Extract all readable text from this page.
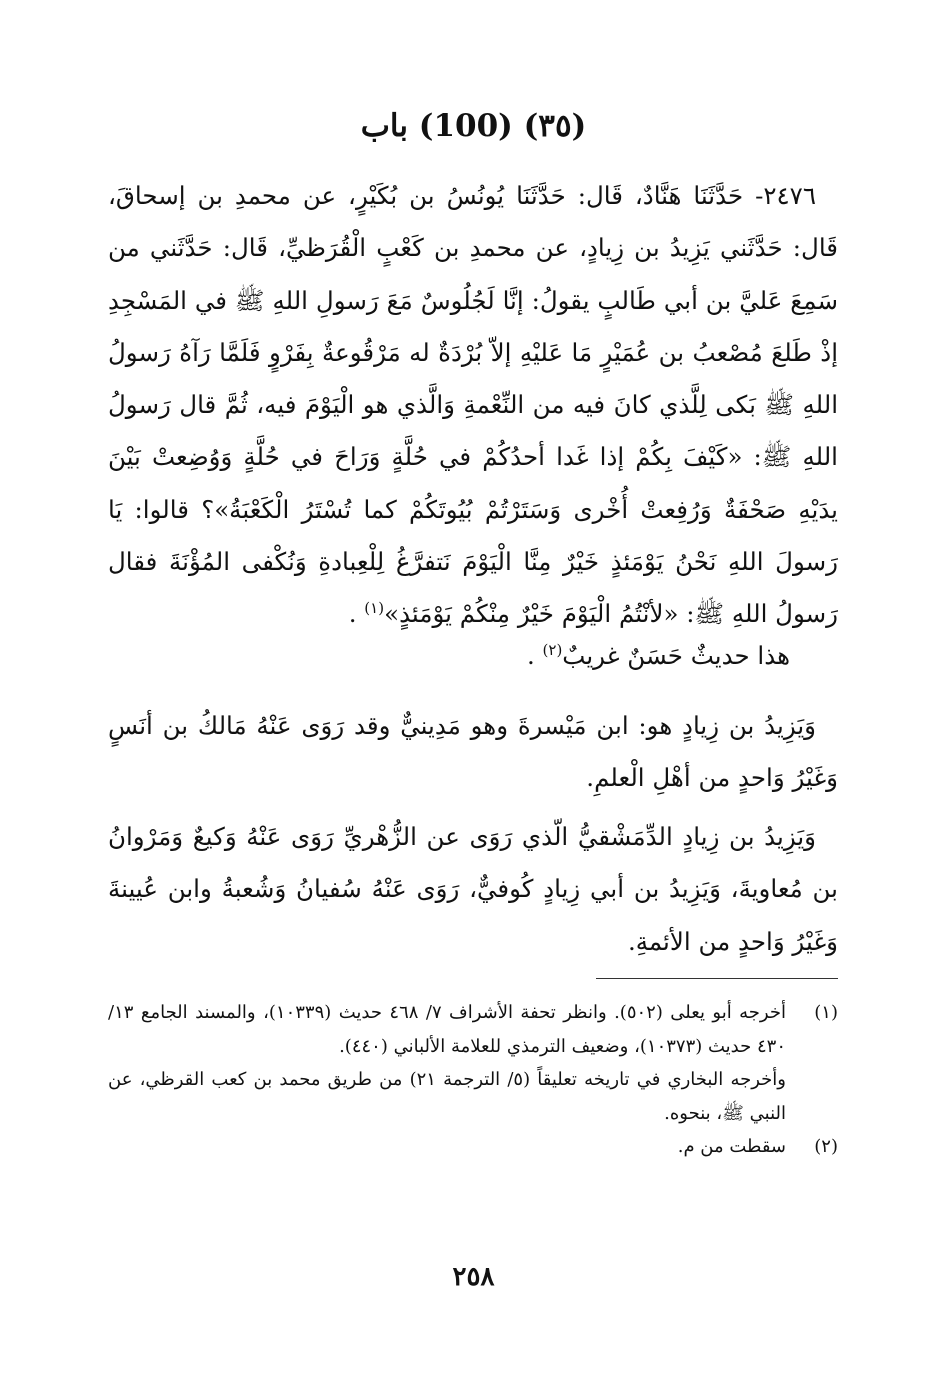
(٣٥) (100) باب

٢٤٧٦- حَدَّثَنَا هَنَّادٌ، قَال: حَدَّثَنَا يُونُسُ بن بُكَيْرٍ، عن محمدِ بن إسحاقَ، قَال: حَدَّثَني يَزِيدُ بن زِيادٍ، عن محمدِ بن كَعْبٍ الْقُرَظيِّ، قَال: حَدَّثَني من سَمِعَ عَليَّ بن أبي طَالبٍ يقولُ: إنَّا لَجُلُوسٌ مَعَ رَسولِ اللهِ ﷺ في المَسْجِدِ إذْ طَلعَ مُصْعبُ بن عُمَيْرٍ مَا عَليْهِ إلاّ بُرْدَةٌ له مَرْقُوعةٌ بِفَرْوٍ فَلَمَّا رَآهُ رَسولُ اللهِ ﷺ بَكى لِلَّذي كانَ فيه من النِّعْمةِ وَالَّذي هو الْيَوْمَ فيه، ثُمَّ قال رَسولُ اللهِ ﷺ: «كَيْفَ بِكُمْ إذا غَدا أحدُكُمْ في حُلَّةٍ وَرَاحَ في حُلَّةٍ وَوُضِعتْ بَيْنَ يدَيْهِ صَحْفَةٌ وَرُفِعتْ أُخْرى وَسَتَرْتُمْ بُيُوتَكُمْ كما تُسْتَرُ الْكَعْبَةُ»؟ قالوا: يَا رَسولَ اللهِ نَحْنُ يَوْمَئذٍ خَيْرٌ مِنَّا الْيَوْمَ نَتفرَّغُ لِلْعِبادةِ وَنُكْفى المُؤْنَةَ فقال رَسولُ اللهِ ﷺ: «لأنْتُمُ الْيَوْمَ خَيْرٌ مِنْكُمْ يَوْمَئذٍ»$^{(١)}$ .

هذا حديثٌ حَسَنٌ غريبٌ$^{(٢)}$ .

وَيَزِيدُ بن زِيادٍ هو: ابن مَيْسرةَ وهو مَدِينيٌّ وقد رَوَى عَنْهُ مَالكُ بن أنَسٍ وَغَيْرُ وَاحدٍ من أهْلِ الْعلمِ.

وَيَزِيدُ بن زِيادٍ الدِّمَشْقيُّ الّذي رَوَى عن الزُّهْريِّ رَوَى عَنْهُ وَكيعٌ وَمَرْوانُ بن مُعاويةَ، وَيَزِيدُ بن أبي زِيادٍ كُوفيٌّ، رَوَى عَنْهُ سُفيانُ وَشُعبةُ وابن عُيينةَ وَغَيْرُ وَاحدٍ من الأئمةِ.

(١)
أخرجه أبو يعلى (٥٠٢). وانظر تحفة الأشراف ٧/ ٤٦٨ حديث (١٠٣٣٩)، والمسند الجامع ١٣/ ٤٣٠ حديث (١٠٣٧٣)، وضعيف الترمذي للعلامة الألباني (٤٤٠).
وأخرجه البخاري في تاريخه تعليقاً (٥/ الترجمة ٢١) من طريق محمد بن كعب القرظي، عن النبي ﷺ، بنحوه.
(٢)
سقطت من م.
٢٥٨
